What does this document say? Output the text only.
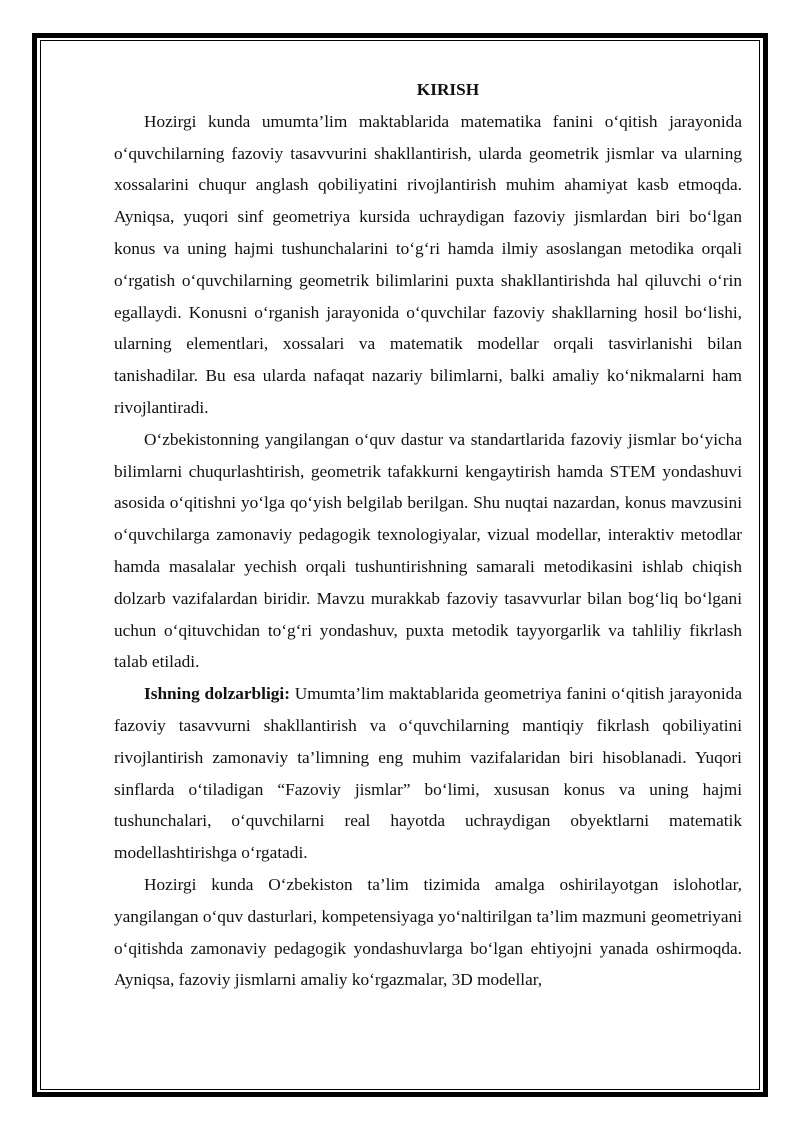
KIRISH

Hozirgi kunda umumta’lim maktablarida matematika fanini o‘qitish jarayonida o‘quvchilarning fazoviy tasavvurini shakllantirish, ularda geometrik jismlar va ularning xossalarini chuqur anglash qobiliyatini rivojlantirish muhim ahamiyat kasb etmoqda. Ayniqsa, yuqori sinf geometriya kursida uchraydigan fazoviy jismlardan biri bo‘lgan konus va uning hajmi tushunchalarini to‘g‘ri hamda ilmiy asoslangan metodika orqali o‘rgatish o‘quvchilarning geometrik bilimlarini puxta shakllantirishda hal qiluvchi o‘rin egallaydi. Konusni o‘rganish jarayonida o‘quvchilar fazoviy shakllarning hosil bo‘lishi, ularning elementlari, xossalari va matematik modellar orqali tasvirlanishi bilan tanishadilar. Bu esa ularda nafaqat nazariy bilimlarni, balki amaliy ko‘nikmalarni ham rivojlantiradi.

O‘zbekistonning yangilangan o‘quv dastur va standartlarida fazoviy jismlar bo‘yicha bilimlarni chuqurlashtirish, geometrik tafakkurni kengaytirish hamda STEM yondashuvi asosida o‘qitishni yo‘lga qo‘yish belgilab berilgan. Shu nuqtai nazardan, konus mavzusini o‘quvchilarga zamonaviy pedagogik texnologiyalar, vizual modellar, interaktiv metodlar hamda masalalar yechish orqali tushuntirishning samarali metodikasini ishlab chiqish dolzarb vazifalardan biridir. Mavzu murakkab fazoviy tasavvurlar bilan bog‘liq bo‘lgani uchun o‘qituvchidan to‘g‘ri yondashuv, puxta metodik tayyorgarlik va tahliliy fikrlash talab etiladi.

Ishning dolzarbligi: Umumta’lim maktablarida geometriya fanini o‘qitish jarayonida fazoviy tasavvurni shakllantirish va o‘quvchilarning mantiqiy fikrlash qobiliyatini rivojlantirish zamonaviy ta’limning eng muhim vazifalaridan biri hisoblanadi. Yuqori sinflarda o‘tiladigan “Fazoviy jismlar” bo‘limi, xususan konus va uning hajmi tushunchalari, o‘quvchilarni real hayotda uchraydigan obyektlarni matematik modellashtirishga o‘rgatadi.

Hozirgi kunda O‘zbekiston ta’lim tizimida amalga oshirilayotgan islohotlar, yangilangan o‘quv dasturlari, kompetensiyaga yo‘naltirilgan ta’lim mazmuni geometriyani o‘qitishda zamonaviy pedagogik yondashuvlarga bo‘lgan ehtiyojni yanada oshirmoqda. Ayniqsa, fazoviy jismlarni amaliy ko‘rgazmalar, 3D modellar,
